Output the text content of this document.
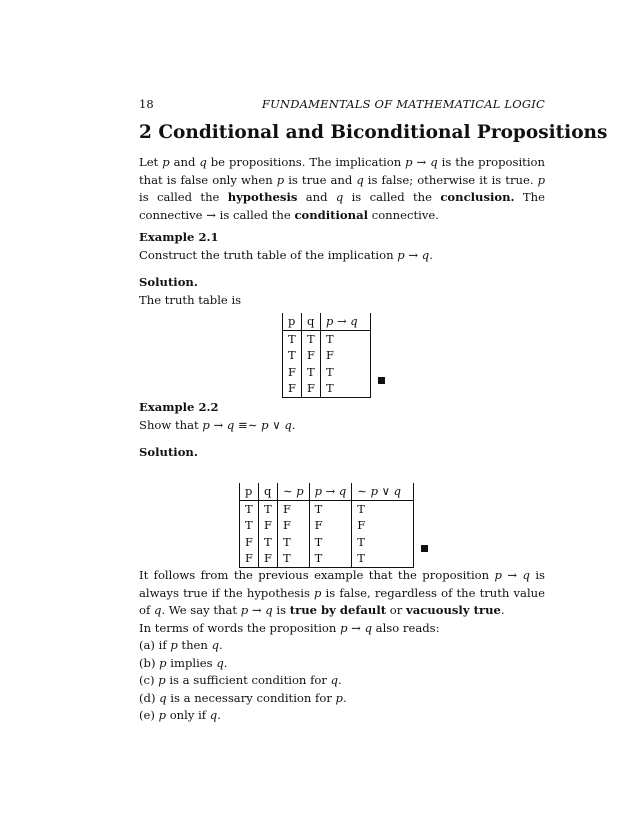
18	FUNDAMENTALS OF MATHEMATICAL LOGIC
2 Conditional and Biconditional Propositions

Let p and q be propositions. The implication p → q is the proposition that is false only when p is true and q is false; otherwise it is true. p is called the hypothesis and q is called the conclusion. The connective → is called the conditional connective.

Example 2.1
Construct the truth table of the implication p → q.
Solution.
The truth table is
p	q	p → q
T	T	T
T	F	F
F	T	T
F	F	T
Example 2.2
Show that p → q ≡∼ p ∨ q.
Solution.
p	q	∼ p	p → q	∼ p ∨ q
T	T	F	T	T
T	F	F	F	F
F	T	T	T	T
F	F	T	T	T

It follows from the previous example that the proposition p → q is always true if the hypothesis p is false, regardless of the truth value of q. We say that p → q is true by default or vacuously true.

In terms of words the proposition p → q also reads:
(a) if p then q.
(b) p implies q.
(c) p is a sufficient condition for q.
(d) q is a necessary condition for p.
(e) p only if q.
